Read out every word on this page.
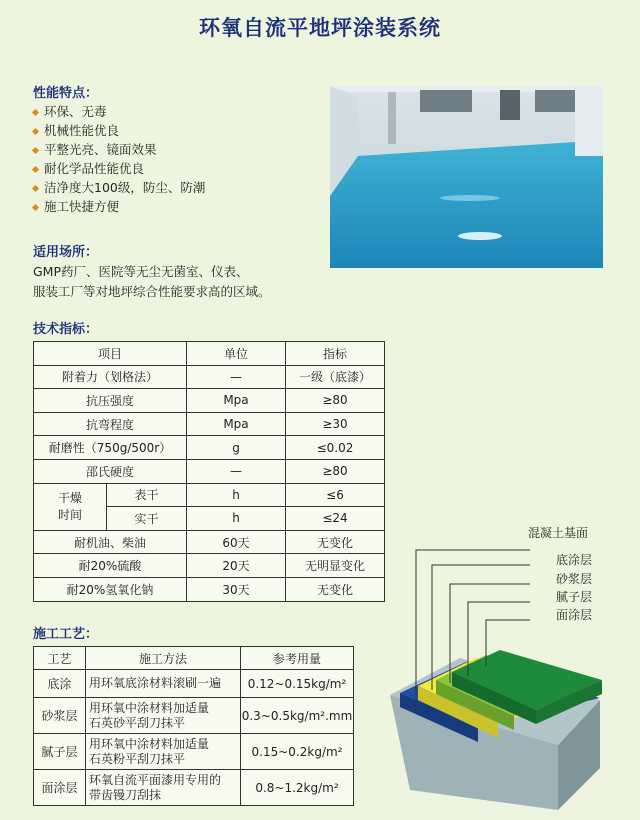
环氧自流平地坪涂装系统
性能特点：
环保、无毒
机械性能优良
平整光亮、镜面效果
耐化学品性能优良
洁净度大100级，防尘、防潮
施工快捷方便
适用场所：
GMP药厂、医院等无尘无菌室、仪表、
服装工厂等对地坪综合性能要求高的区域。
技术指标：
项目		单位	指标
附着力（划格法）		—	一级（底漆）
抗压强度		Mpa	≥80
抗弯程度		Mpa	≥30
耐磨性（750g/500r）		g	≤0.02
邵氏硬度		—	≥80

干燥
时间	表干	h	≤6
	实干	h	≤24
耐机油、柴油		60天	无变化
耐20%硫酸		20天	无明显变化
耐20%氢氧化钠		30天	无变化
施工工艺：
工艺	施工方法	参考用量
底涂	用环氧底涂材料滚刷一遍	0.12~0.15kg/m²
砂浆层	用环氧中涂材料加适量
石英砂平刮刀抹平	0.3~0.5kg/m².mm
腻子层	用环氧中涂材料加适量
石英粉平刮刀抹平	0.15~0.2kg/m²
面涂层	环氧自流平面漆用专用的
带齿镘刀刮抹	0.8~1.2kg/m²
混凝土基面
底涂层
砂浆层
腻子层
面涂层
